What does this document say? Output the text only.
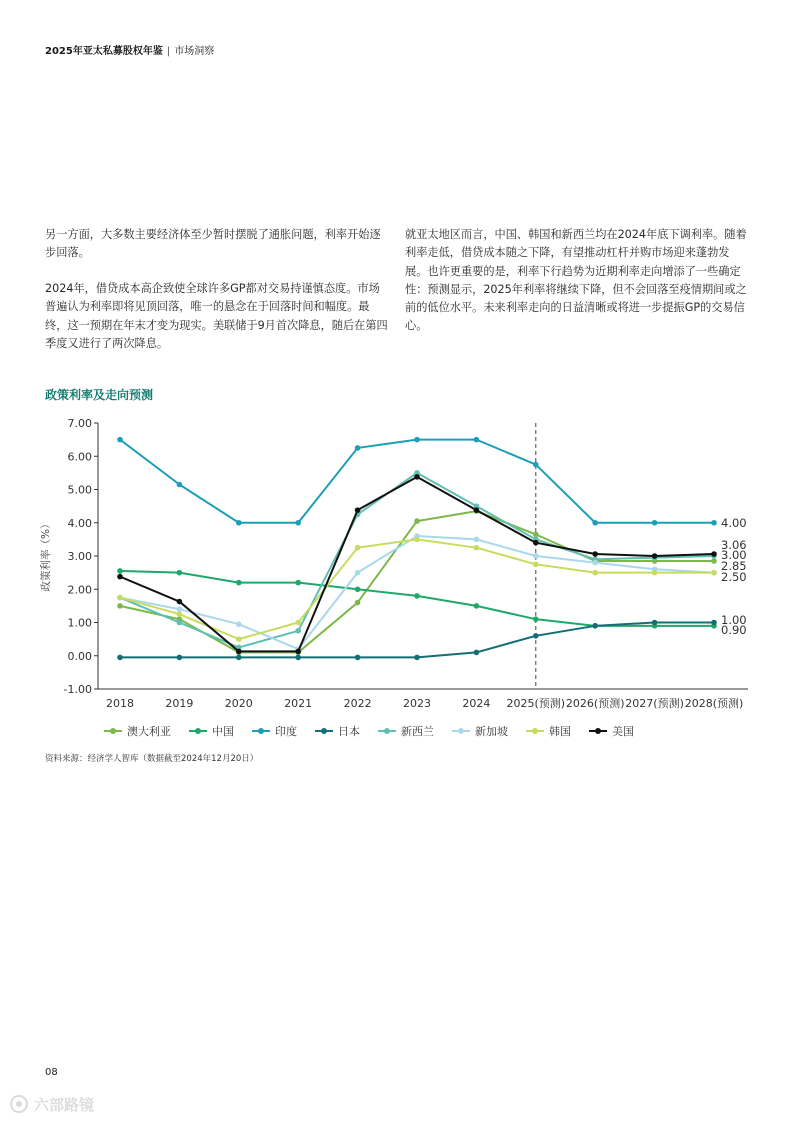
2025年亚太私募股权年鉴 | 市场洞察

另一方面，大多数主要经济体至少暂时摆脱了通胀问题，利率开始逐步回落。

2024年，借贷成本高企致使全球许多GP都对交易持谨慎态度。市场普遍认为利率即将见顶回落，唯一的悬念在于回落时间和幅度。最终，这一预期在年末才变为现实。美联储于9月首次降息，随后在第四季度又进行了两次降息。

就亚太地区而言，中国、韩国和新西兰均在2024年底下调利率。随着利率走低，借贷成本随之下降，有望推动杠杆并购市场迎来蓬勃发展。也许更重要的是，利率下行趋势为近期利率走向增添了一些确定性：预测显示，2025年利率将继续下降，但不会回落至疫情期间或之前的低位水平。未来利率走向的日益清晰或将进一步提振GP的交易信心。

政策利率及走向预测

7.00
6.00
5.00
4.00
3.00
2.00
1.00
0.00
-1.00
政策利率（%）
2018	2019	2020	2021	2022	2023	2024 2025(预测) 2026(预测) 2027(预测) 2028(预测)
4.00
3.06
3.00
2.85
2.50
1.00
0.90
澳大利亚	中国	印度	日本	新西兰	新加坡	韩国	美国

资料来源：经济学人智库（数据截至2024年12月20日）

08

六部路镜
